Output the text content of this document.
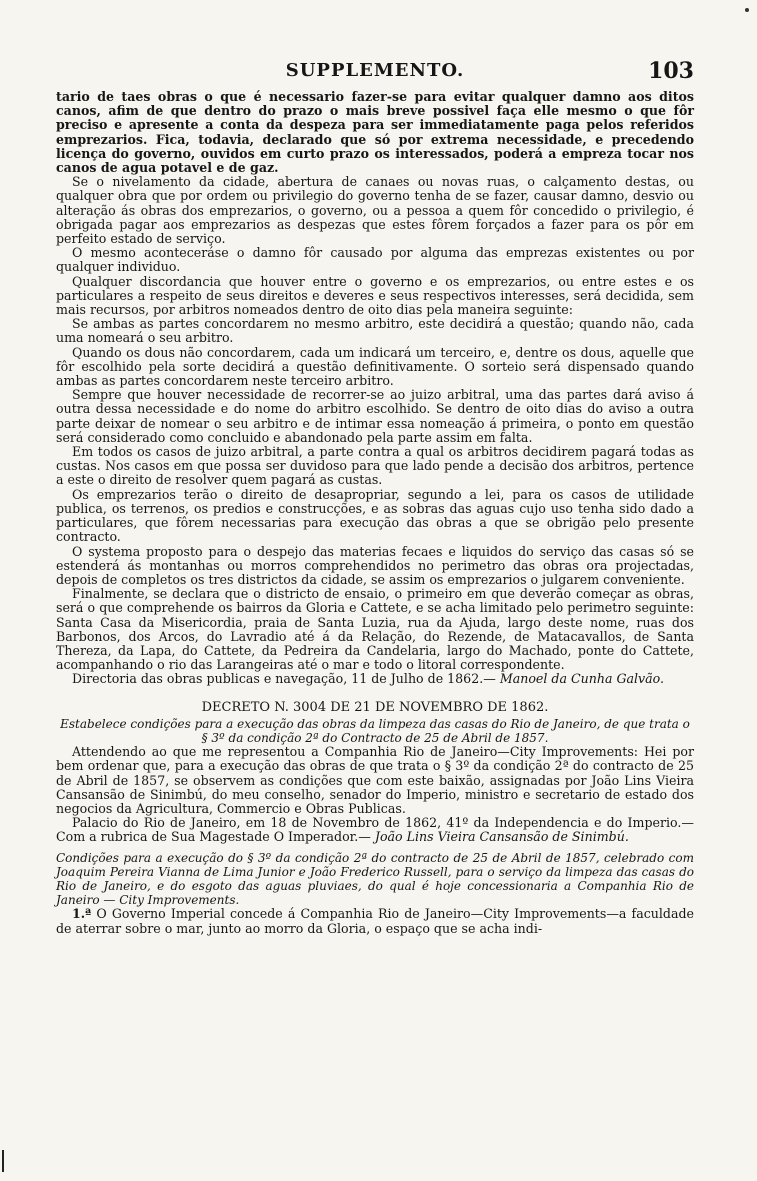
SUPPLEMENTO.	103

tario de taes obras o que é necessario fazer-se para evitar qualquer damno aos ditos canos, afim de que dentro do prazo o mais breve possivel faça elle mesmo o que fôr preciso e apresente a conta da despeza para ser immediatamente paga pelos referidos emprezarios. Fica, todavia, declarado que só por extrema necessidade, e precedendo licença do governo, ouvidos em curto prazo os interessados, poderá a empreza tocar nos canos de agua potavel e de gaz.

Se o nivelamento da cidade, abertura de canaes ou novas ruas, o calçamento destas, ou qualquer obra que por ordem ou privilegio do governo tenha de se fazer, causar damno, desvio ou alteração ás obras dos emprezarios, o governo, ou a pessoa a quem fôr concedido o privilegio, é obrigada pagar aos emprezarios as despezas que estes fôrem forçados a fazer para os pôr em perfeito estado de serviço.

O mesmo aconteceráse o damno fôr causado por alguma das emprezas existentes ou por qualquer individuo.

Qualquer discordancia que houver entre o governo e os emprezarios, ou entre estes e os particulares a respeito de seus direitos e deveres e seus respectivos interesses, será decidida, sem mais recursos, por arbitros nomeados dentro de oito dias pela maneira seguinte:

Se ambas as partes concordarem no mesmo arbitro, este decidirá a questão; quando não, cada uma nomeará o seu arbitro.

Quando os dous não concordarem, cada um indicará um terceiro, e, dentre os dous, aquelle que fôr escolhido pela sorte decidirá a questão definitivamente. O sorteio será dispensado quando ambas as partes concordarem neste terceiro arbitro.

Sempre que houver necessidade de recorrer-se ao juizo arbitral, uma das partes dará aviso á outra dessa necessidade e do nome do arbitro escolhido. Se dentro de oito dias do aviso a outra parte deixar de nomear o seu arbitro e de intimar essa nomeação á primeira, o ponto em questão será considerado como concluido e abandonado pela parte assim em falta.

Em todos os casos de juizo arbitral, a parte contra a qual os arbitros decidirem pagará todas as custas. Nos casos em que possa ser duvidoso para que lado pende a decisão dos arbitros, pertence a este o direito de resolver quem pagará as custas.

Os emprezarios terão o direito de desapropriar, segundo a lei, para os casos de utilidade publica, os terrenos, os predios e construcções, e as sobras das aguas cujo uso tenha sido dado a particulares, que fôrem necessarias para execução das obras a que se obrigão pelo presente contracto.

O systema proposto para o despejo das materias fecaes e liquidos do serviço das casas só se estenderá ás montanhas ou morros comprehendidos no perimetro das obras ora projectadas, depois de completos os tres districtos da cidade, se assim os emprezarios o julgarem conveniente.

Finalmente, se declara que o districto de ensaio, o primeiro em que deverão começar as obras, será o que comprehende os bairros da Gloria e Cattete, e se acha limitado pelo perimetro seguinte: Santa Casa da Misericordia, praia de Santa Luzia, rua da Ajuda, largo deste nome, ruas dos Barbonos, dos Arcos, do Lavradio até á da Relação, do Rezende, de Matacavallos, de Santa Thereza, da Lapa, do Cattete, da Pedreira da Candelaria, largo do Machado, ponte do Cattete, acompanhando o rio das Larangeiras até o mar e todo o litoral correspondente.

Directoria das obras publicas e navegação, 11 de Julho de 1862.— Manoel da Cunha Galvão.

DECRETO N. 3004 DE 21 DE NOVEMBRO DE 1862.

Estabelece condições para a execução das obras da limpeza das casas do Rio de Janeiro, de que trata o § 3º da condição 2ª do Contracto de 25 de Abril de 1857.

Attendendo ao que me representou a Companhia Rio de Janeiro—City Improvements: Hei por bem ordenar que, para a execução das obras de que trata o § 3º da condição 2ª do contracto de 25 de Abril de 1857, se observem as condições que com este baixão, assignadas por João Lins Vieira Cansansão de Sinimbú, do meu conselho, senador do Imperio, ministro e secretario de estado dos negocios da Agricultura, Commercio e Obras Publicas.

Palacio do Rio de Janeiro, em 18 de Novembro de 1862, 41º da Independencia e do Imperio.—Com a rubrica de Sua Magestade O Imperador.— João Lins Vieira Cansansão de Sinimbú.

Condições para a execução do § 3º da condição 2ª do contracto de 25 de Abril de 1857, celebrado com Joaquim Pereira Vianna de Lima Junior e João Frederico Russell, para o serviço da limpeza das casas do Rio de Janeiro, e do esgoto das aguas pluviaes, do qual é hoje concessionaria a Companhia Rio de Janeiro — City Improvements.

1.ª O Governo Imperial concede á Companhia Rio de Janeiro—City Improvements—a faculdade de aterrar sobre o mar, junto ao morro da Gloria, o espaço que se acha indi-
